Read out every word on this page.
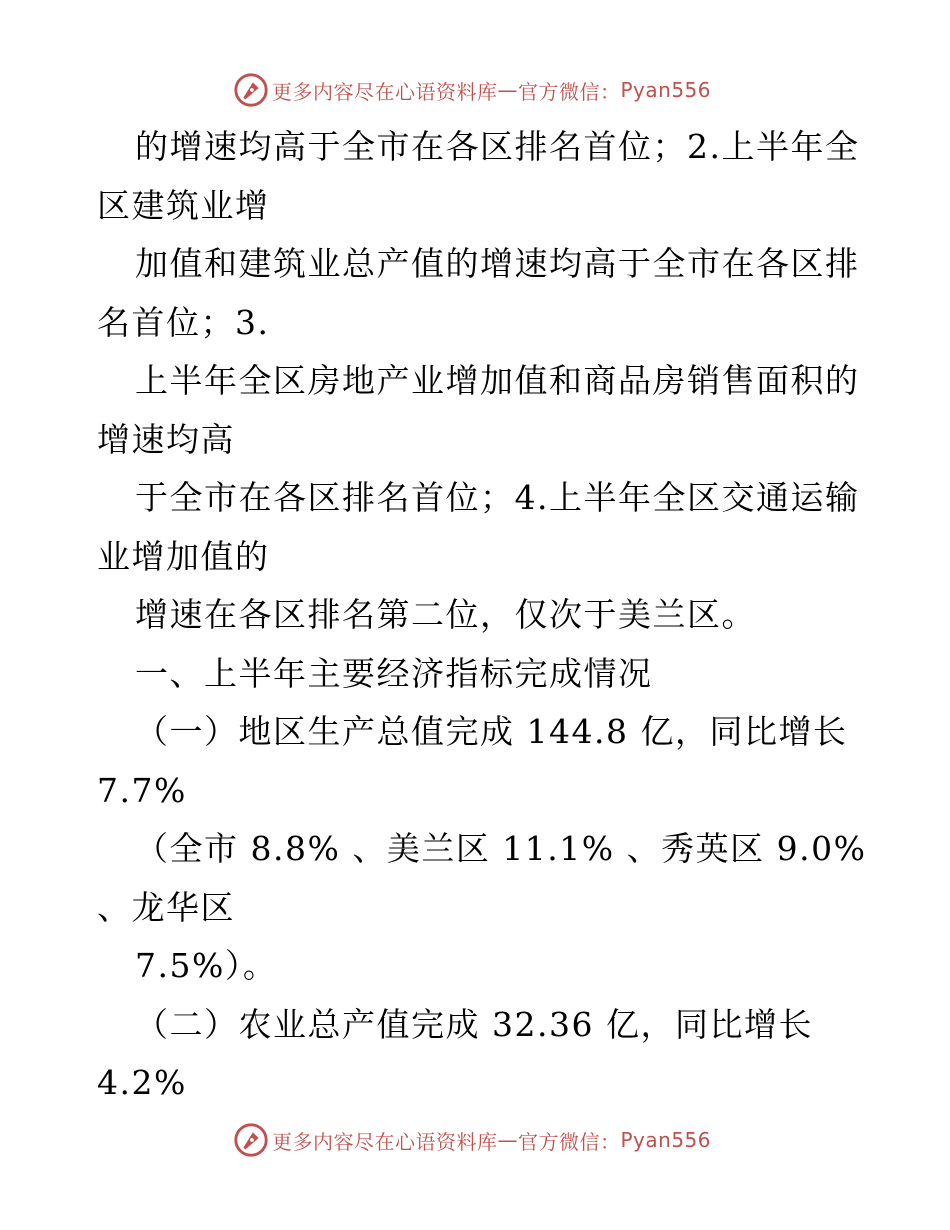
更多内容尽在心语资料库 — 官方微信： Pyan556
的增速均高于全市在各区排名首位；2.上半年全
区建筑业增
加值和建筑业总产值的增速均高于全市在各区排
名首位；3.
上半年全区房地产业增加值和商品房销售面积的
增速均高
于全市在各区排名首位；4.上半年全区交通运输
业增加值的
增速在各区排名第二位，仅次于美兰区。
一、上半年主要经济指标完成情况
（一）地区生产总值完成 144.8 亿，同比增长
7.7%
（全市 8.8% 、美兰区 11.1% 、秀英区 9.0%
、龙华区
7.5%）。
（二）农业总产值完成 32.36 亿，同比增长
4.2%
更多内容尽在心语资料库 — 官方微信： Pyan556
